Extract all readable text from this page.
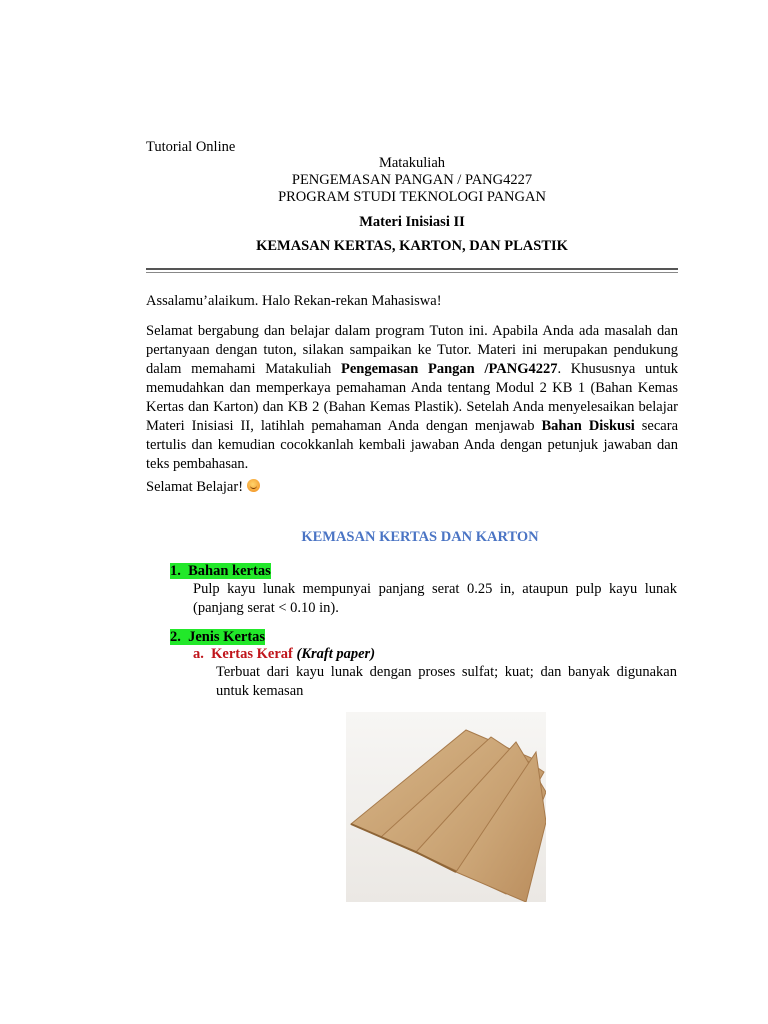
Tutorial Online
Matakuliah
PENGEMASAN PANGAN / PANG4227
PROGRAM STUDI TEKNOLOGI PANGAN
Materi Inisiasi II
KEMASAN KERTAS, KARTON, DAN PLASTIK
Assalamu’alaikum. Halo Rekan-rekan Mahasiswa!

Selamat bergabung dan belajar dalam program Tuton ini. Apabila Anda ada masalah dan pertanyaan dengan tuton, silakan sampaikan ke Tutor. Materi ini merupakan pendukung dalam memahami Matakuliah Pengemasan Pangan /PANG4227. Khususnya untuk memudahkan dan memperkaya pemahaman Anda tentang Modul 2 KB 1 (Bahan Kemas Kertas dan Karton) dan KB 2 (Bahan Kemas Plastik). Setelah Anda menyelesaikan belajar Materi Inisiasi II, latihlah pemahaman Anda dengan menjawab Bahan Diskusi secara tertulis dan kemudian cocokkanlah kembali jawaban Anda dengan petunjuk jawaban dan teks pembahasan.

Selamat Belajar!
KEMASAN KERTAS DAN KARTON
1. Bahan kertas

Pulp kayu lunak mempunyai panjang serat 0.25 in, ataupun pulp kayu lunak (panjang serat < 0.10 in).

2. Jenis Kertas
a. Kertas Keraf (Kraft paper)

Terbuat dari kayu lunak dengan proses sulfat; kuat; dan banyak digunakan untuk kemasan
